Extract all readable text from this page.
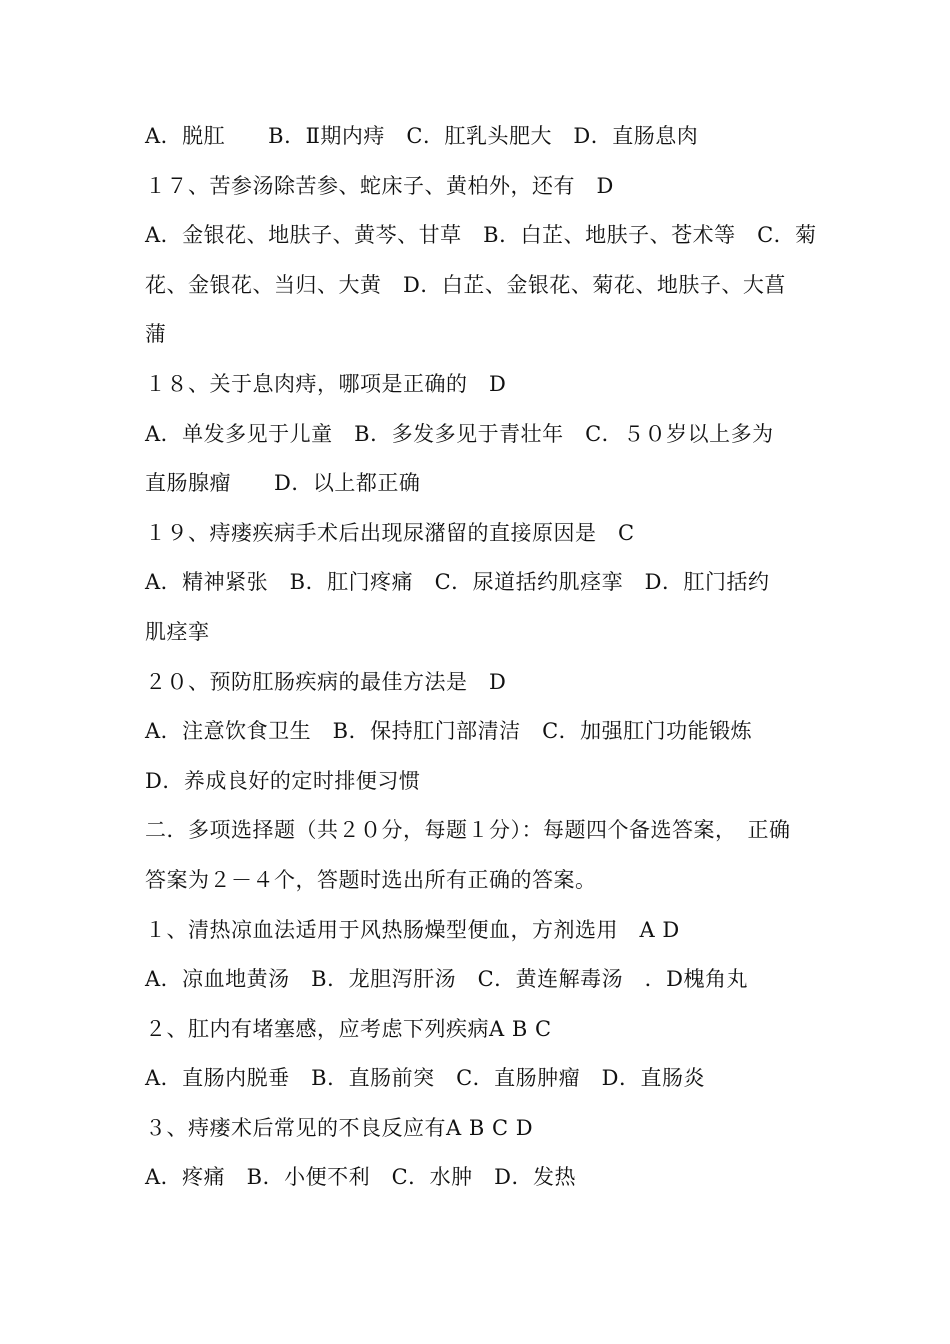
A．脱肛　　B．Ⅱ期内痔　C．肛乳头肥大　D．直肠息肉
１７、苦参汤除苦参、蛇床子、黄柏外，还有　D
A．金银花、地肤子、黄芩、甘草　B．白芷、地肤子、苍术等　C．菊
花、金银花、当归、大黄　D．白芷、金银花、菊花、地肤子、大菖
蒲
１８、关于息肉痔，哪项是正确的　D
A．单发多见于儿童　B．多发多见于青壮年　C．５０岁以上多为
直肠腺瘤　　D．以上都正确
１９、痔瘘疾病手术后出现尿潴留的直接原因是　C
A．精神紧张　B．肛门疼痛　C．尿道括约肌痉挛　D．肛门括约
肌痉挛
２０、预防肛肠疾病的最佳方法是　D
A．注意饮食卫生　B．保持肛门部清洁　C．加强肛门功能锻炼
D．养成良好的定时排便习惯
二．多项选择题（共２０分，每题１分）：每题四个备选答案，　正确
答案为２－４个，答题时选出所有正确的答案。
１、清热凉血法适用于风热肠燥型便血，方剂选用　A D
A．凉血地黄汤　B．龙胆泻肝汤　C．黄连解毒汤　．D槐角丸
２、肛内有堵塞感，应考虑下列疾病A B C
A．直肠内脱垂　B．直肠前突　C．直肠肿瘤　D．直肠炎
３、痔瘘术后常见的不良反应有A B C D
A．疼痛　B．小便不利　C．水肿　D．发热
